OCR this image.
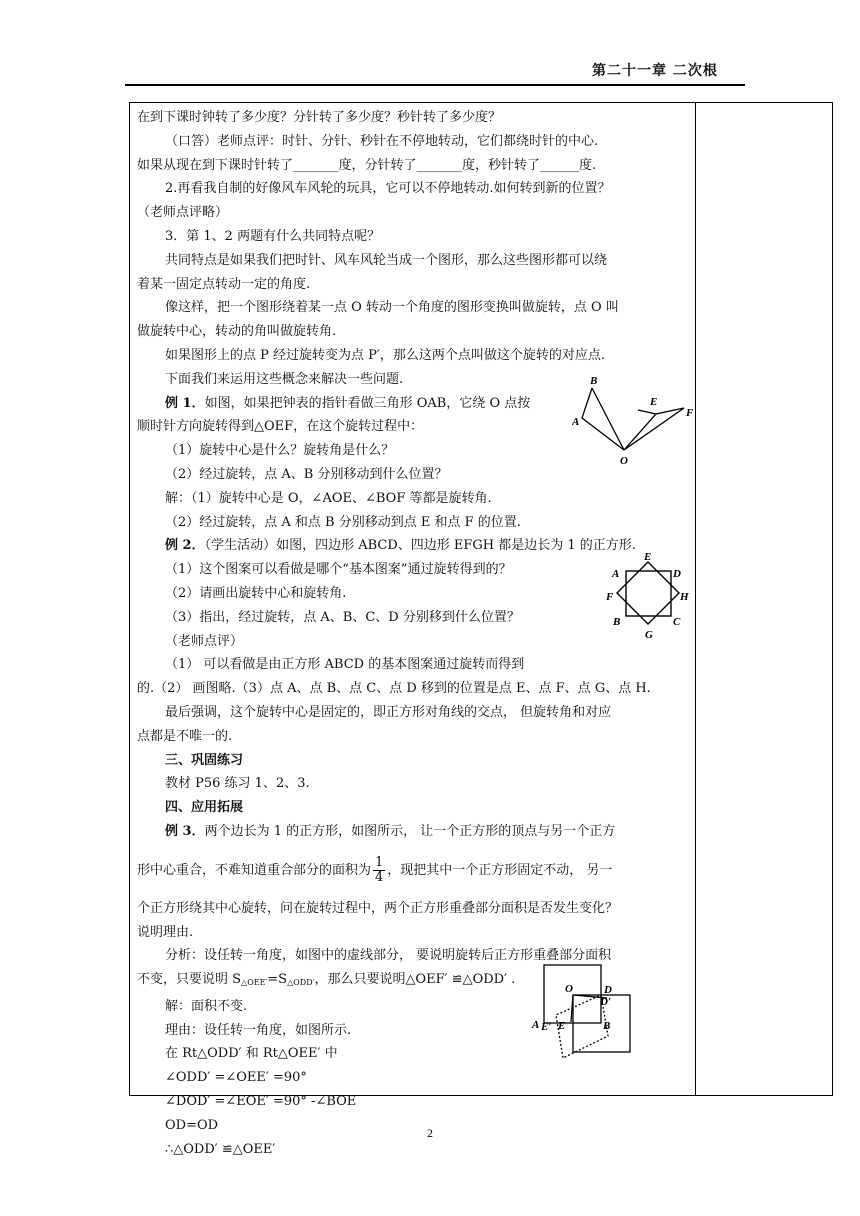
第二十一章 二次根

在到下课时钟转了多少度？分针转了多少度？秒针转了多少度？

（口答）老师点评：时针、分针、秒针在不停地转动，它们都绕时针的中心.

如果从现在到下课时针转了_______度，分针转了_______度，秒针转了______度.

2.再看我自制的好像风车风轮的玩具，它可以不停地转动.如何转到新的位置？

（老师点评略）

3．第 1、2 两题有什么共同特点呢？

共同特点是如果我们把时针、风车风轮当成一个图形，那么这些图形都可以绕

着某一固定点转动一定的角度.

像这样，把一个图形绕着某一点 O 转动一个角度的图形变换叫做旋转，点 O 叫

做旋转中心，转动的角叫做旋转角.

如果图形上的点 P 经过旋转变为点 P′，那么这两个点叫做这个旋转的对应点.

下面我们来运用这些概念来解决一些问题.

例 1．如图，如果把钟表的指针看做三角形 OAB，它绕 O 点按

顺时针方向旋转得到△OEF，在这个旋转过程中：

（1）旋转中心是什么？旋转角是什么？

（2）经过旋转，点 A、B 分别移动到什么位置？

解：（1）旋转中心是 O，∠AOE、∠BOF 等都是旋转角.

（2）经过旋转，点 A 和点 B 分别移动到点 E 和点 F 的位置.

例 2．（学生活动）如图，四边形 ABCD、四边形 EFGH 都是边长为 1 的正方形.

（1）这个图案可以看做是哪个“基本图案”通过旋转得到的？

（2）请画出旋转中心和旋转角.

（3）指出，经过旋转，点 A、B、C、D 分别移到什么位置？

（老师点评）

（1） 可以看做是由正方形 ABCD 的基本图案通过旋转而得到

的.（2） 画图略.（3）点 A、点 B、点 C、点 D 移到的位置是点 E、点 F、点 G、点 H.

最后强调，这个旋转中心是固定的，即正方形对角线的交点， 但旋转角和对应

点都是不唯一的.

三、巩固练习

教材 P56 练习 1、2、3.

四、应用拓展

例 3．两个边长为 1 的正方形，如图所示， 让一个正方形的顶点与另一个正方

形中心重合，不难知道重合部分的面积为 $\frac{1}{4}$ ，现把其中一个正方形固定不动， 另一

个正方形绕其中心旋转，问在旋转过程中，两个正方形重叠部分面积是否发生变化？

说明理由.

分析：设任转一角度，如图中的虚线部分， 要说明旋转后正方形重叠部分面积

不变，只要说明 $S_{\triangle OEE'}=S_{\triangle ODD'}$，那么只要说明△OEF′ ≌△ODD′ .

解：面积不变.

理由：设任转一角度，如图所示.

在 Rt△ODD′ 和 Rt△OEE′ 中

∠ODD′ =∠OEE′ =90°

∠DOD′ =∠EOE′ =90° -∠BOE

OD=OD

∴△ODD′ ≌△OEE′

B
A
E
F
O
E
A	D
F	H
B	C
G
O	D
D′
A E′ E	B
2
